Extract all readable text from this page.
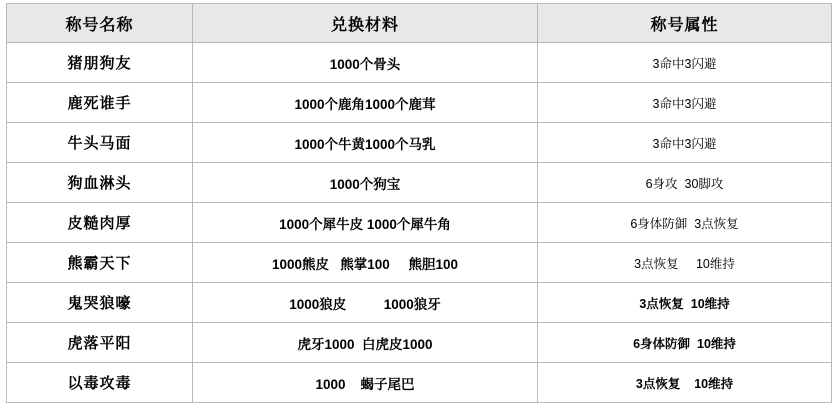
称号名称	兑换材料	称号属性
猪朋狗友	1000个骨头	3命中3闪避
鹿死谁手	1000个鹿角1000个鹿茸	3命中3闪避
牛头马面	1000个牛黄1000个马乳	3命中3闪避
狗血淋头	1000个狗宝	6身攻  30脚攻
皮糙肉厚	1000个犀牛皮 1000个犀牛角	6身体防御  3点恢复
熊霸天下	1000熊皮   熊掌100     熊胆100	3点恢复     10维持
鬼哭狼嚎	1000狼皮          1000狼牙	3点恢复  10维持
虎落平阳	虎牙1000  白虎皮1000	6身体防御  10维持
以毒攻毒	1000    蝎子尾巴	3点恢复    10维持
